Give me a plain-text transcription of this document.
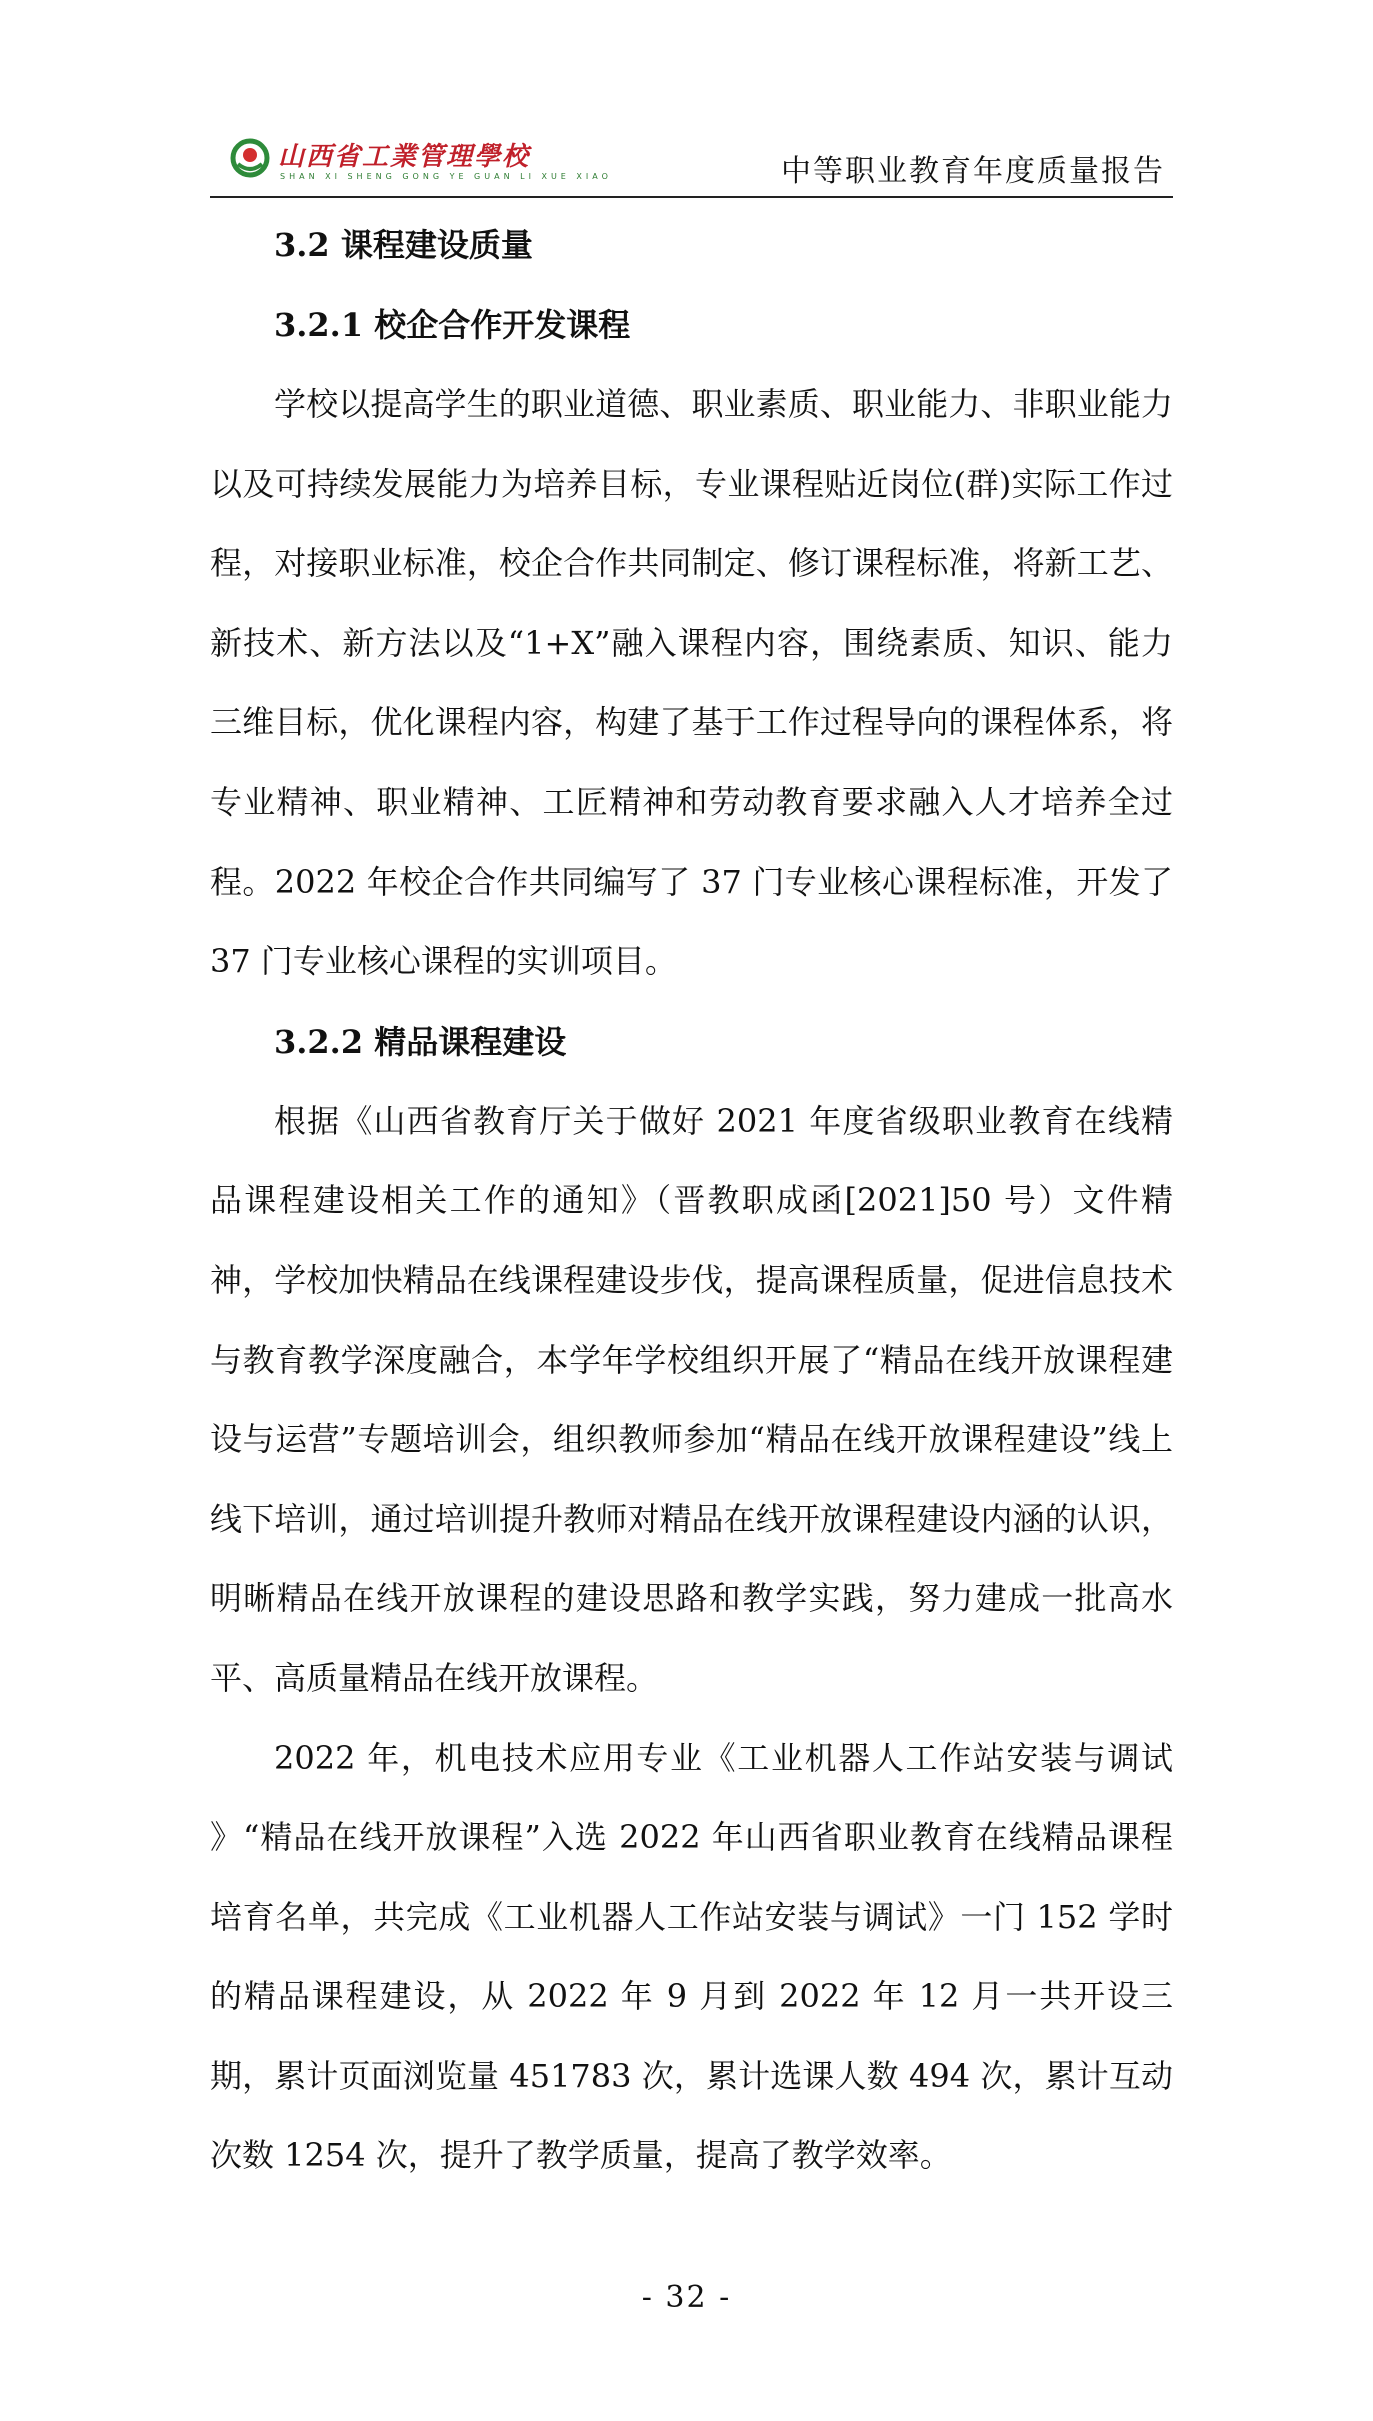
山西省工業管理學校
SHAN XI SHENG GONG YE GUAN LI XUE XIAO	中等职业教育年度质量报告
3.2 课程建设质量
3.2.1 校企合作开发课程

学校以提高学生的职业道德、职业素质、职业能力、非职业能力以及可持续发展能力为培养目标，专业课程贴近岗位(群)实际工作过程，对接职业标准，校企合作共同制定、修订课程标准，将新工艺、新技术、新方法以及“1+X”融入课程内容，围绕素质、知识、能力三维目标，优化课程内容，构建了基于工作过程导向的课程体系，将专业精神、职业精神、工匠精神和劳动教育要求融入人才培养全过程。2022 年校企合作共同编写了 37 门专业核心课程标准，开发了 37 门专业核心课程的实训项目。

3.2.2 精品课程建设

根据《山西省教育厅关于做好 2021 年度省级职业教育在线精品课程建设相关工作的通知》（晋教职成函[2021]50 号）文件精神，学校加快精品在线课程建设步伐，提高课程质量，促进信息技术与教育教学深度融合，本学年学校组织开展了“精品在线开放课程建设与运营”专题培训会，组织教师参加“精品在线开放课程建设”线上线下培训，通过培训提升教师对精品在线开放课程建设内涵的认识，明晰精品在线开放课程的建设思路和教学实践，努力建成一批高水平、高质量精品在线开放课程。

2022 年，机电技术应用专业《工业机器人工作站安装与调试 》“精品在线开放课程”入选 2022 年山西省职业教育在线精品课程培育名单，共完成《工业机器人工作站安装与调试》一门 152 学时的精品课程建设，从 2022 年 9 月到 2022 年 12 月一共开设三期，累计页面浏览量 451783 次，累计选课人数 494 次，累计互动次数 1254 次，提升了教学质量，提高了教学效率。

- 32 -
